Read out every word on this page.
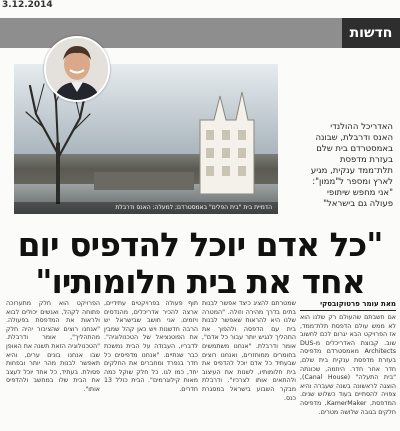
3.12.2014
חדשות
הדמיית בית "בית הפלים" באמסטרדם; למעלה: האנס ודרבלת

האדריכל ההולנדי

האנס ודרבלת, שבונה

באמסטרדם בית שלם

בעזרת מדפסת

תלת־ממד ענקית, מגיע

לארץ ומספר ל"ממון":

"אני מחפש שיתופי

פעולה גם בישראל"

"כל אדם יוכל להדפיס יום
אחד את בית חלומותיו"
מאת עומר פרטוקובסקי

אם חשבתם שהעולם רק שלנו הוא לא ממש עולם הדפסת תלת־ממד, אז הפרויקט הבא יגרום לכם לחשוב שוב. קבוצת האדריכלים מ-DUS Architects מאמסטרדם מדפיסה בעזרת מדפסת ענקית בית שלם, חדר אחר חדר. היוזמה, שכונתה "בית התעלה" (Canal House), הוצגה לראשונה בשנה שעברה והיא צפויה להסתיים בעוד כשלוש שנים. המדפסת, KamerMaker, מדפיסה חלקים בגובה שלושה מטרים.

שמטרתם להציג כיצד אפשר לבנות בתים בדרך מהירה וזולה. "המטרה שלנו היא להראות שאפשר לבנות בית עם הדפסה ולהפוך את התהליך לנגיש יותר עבור כל אדם", אומר ודרבלת. "אנחנו משתמשים בחומרים ממוחזרים, ואנחנו רוצים שבעתיד כל אדם יוכל להדפיס את בית חלומותיו, לשנות את העיצוב ולהתאים אותו לצרכיו". ודרבלת מבקר השבוע בישראל במסגרת כנס.

תוף פעולה בפרויקטים עתידיים, ארצה להכיר אדריכלים, מהנדסים ויזמים. אני חושב שבישראל יש הרבה חדשנות ויש כאן קהל שמבין את הפוטנציאל של הטכנולוגיה". לדבריו, העבודה על הבית נמשכת כבר שנתיים. "אנחנו מדפיסים כל חדר בנפרד ומחברים את החלקים יחד, כמו לגו. כל חלק שוקל כמה מאות קילוגרמים". הבית כולל 13 חדרים.

הפרויקט הוא חלק מתערוכה פתוחה לקהל, ואנשים יכולים לבוא ולראות את המדפסת בפעולה. "אנחנו רוצים שהציבור יהיה חלק מהתהליך", אומר ודרבלת. "הטכנולוגיה הזאת תשנה את האופן שבו אנחנו בונים ערים, והיא תאפשר לבנות מהר יותר ובפחות פסולת. בעתיד, כל אחד יוכל לעצב את הבית שלו במחשב ולהדפיס אותו".
